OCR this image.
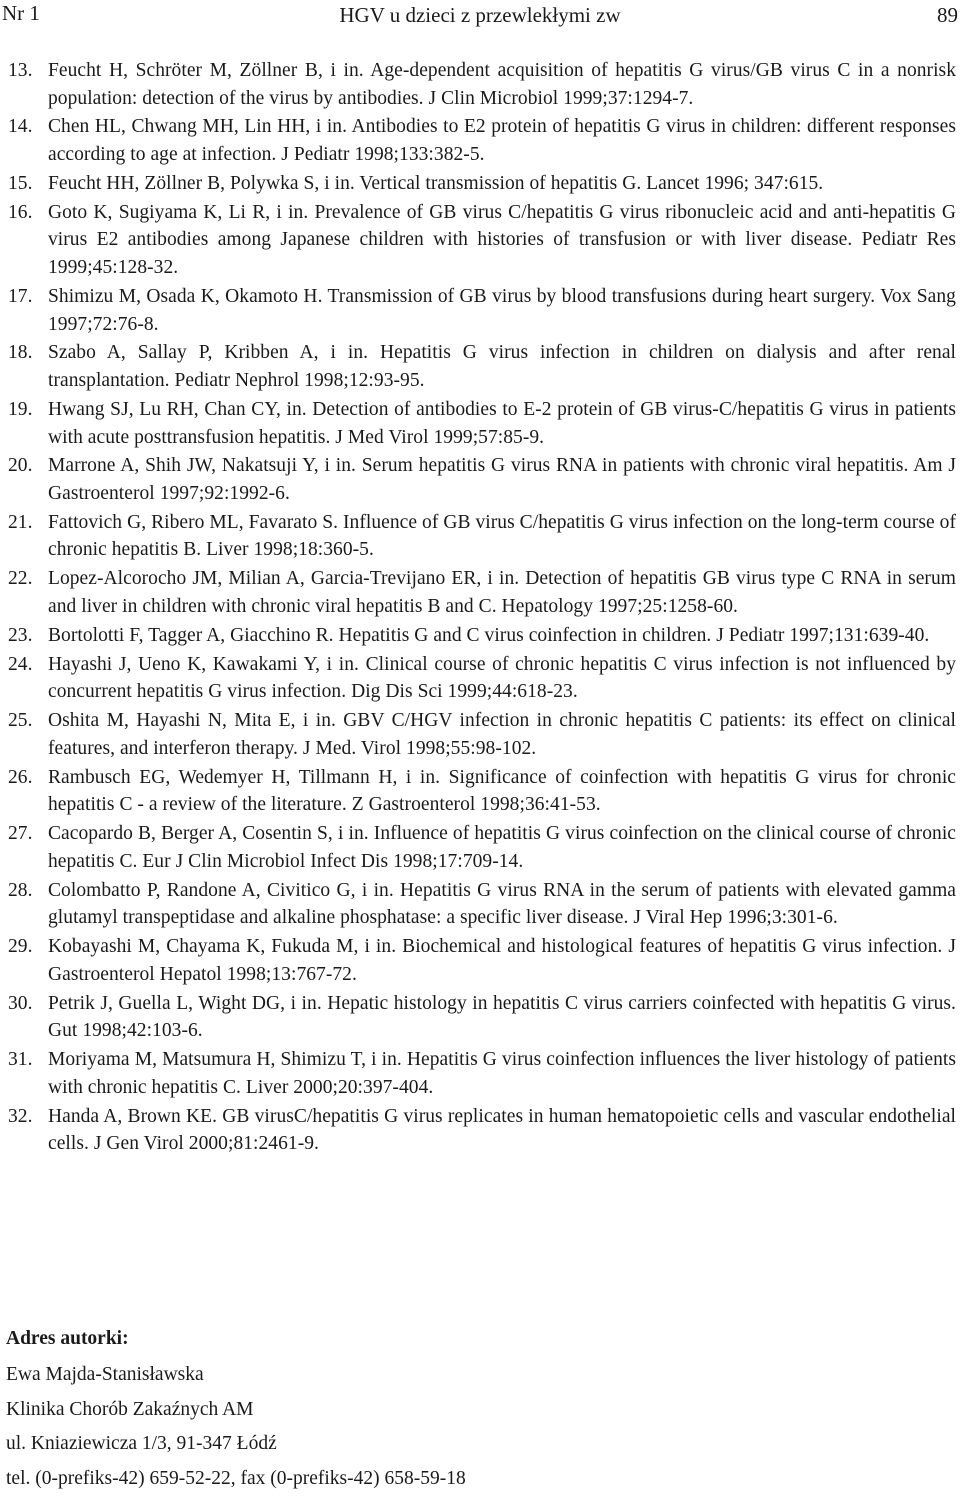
Nr 1	HGV u dzieci z przewlekłymi zw	89
13. Feucht H, Schröter M, Zöllner B, i in. Age-dependent acquisition of hepatitis G virus/GB virus C in a nonrisk population: detection of the virus by antibodies. J Clin Microbiol 1999;37:1294-7.
14. Chen HL, Chwang MH, Lin HH, i in. Antibodies to E2 protein of hepatitis G virus in children: different responses according to age at infection. J Pediatr 1998;133:382-5.
15. Feucht HH, Zöllner B, Polywka S, i in. Vertical transmission of hepatitis G. Lancet 1996; 347:615.
16. Goto K, Sugiyama K, Li R, i in. Prevalence of GB virus C/hepatitis G virus ribonucleic acid and anti-hepatitis G virus E2 antibodies among Japanese children with histories of transfusion or with liver disease. Pediatr Res 1999;45:128-32.
17. Shimizu M, Osada K, Okamoto H. Transmission of GB virus by blood transfusions during heart surgery. Vox Sang 1997;72:76-8.
18. Szabo A, Sallay P, Kribben A, i in. Hepatitis G virus infection in children on dialysis and after renal transplantation. Pediatr Nephrol 1998;12:93-95.
19. Hwang SJ, Lu RH, Chan CY, in. Detection of antibodies to E-2 protein of GB virus-C/hepatitis G virus in patients with acute posttransfusion hepatitis. J Med Virol 1999;57:85-9.
20. Marrone A, Shih JW, Nakatsuji Y, i in. Serum hepatitis G virus RNA in patients with chronic viral hepatitis. Am J Gastroenterol 1997;92:1992-6.
21. Fattovich G, Ribero ML, Favarato S. Influence of GB virus C/hepatitis G virus infection on the long-term course of chronic hepatitis B. Liver 1998;18:360-5.
22. Lopez-Alcorocho JM, Milian A, Garcia-Trevijano ER, i in. Detection of hepatitis GB virus type C RNA in serum and liver in children with chronic viral hepatitis B and C. Hepatology 1997;25:1258-60.
23. Bortolotti F, Tagger A, Giacchino R. Hepatitis G and C virus coinfection in children. J Pediatr 1997;131:639-40.
24. Hayashi J, Ueno K, Kawakami Y, i in. Clinical course of chronic hepatitis C virus infection is not influenced by concurrent hepatitis G virus infection. Dig Dis Sci 1999;44:618-23.
25. Oshita M, Hayashi N, Mita E, i in. GBV C/HGV infection in chronic hepatitis C patients: its effect on clinical features, and interferon therapy. J Med. Virol 1998;55:98-102.
26. Rambusch EG, Wedemyer H, Tillmann H, i in. Significance of coinfection with hepatitis G virus for chronic hepatitis C - a review of the literature. Z Gastroenterol 1998;36:41-53.
27. Cacopardo B, Berger A, Cosentin S, i in. Influence of hepatitis G virus coinfection on the clinical course of chronic hepatitis C. Eur J Clin Microbiol Infect Dis 1998;17:709-14.
28. Colombatto P, Randone A, Civitico G, i in. Hepatitis G virus RNA in the serum of patients with elevated gamma glutamyl transpeptidase and alkaline phosphatase: a specific liver disease. J Viral Hep 1996;3:301-6.
29. Kobayashi M, Chayama K, Fukuda M, i in. Biochemical and histological features of hepatitis G virus infection. J Gastroenterol Hepatol 1998;13:767-72.
30. Petrik J, Guella L, Wight DG, i in. Hepatic histology in hepatitis C virus carriers coinfected with hepatitis G virus. Gut 1998;42:103-6.
31. Moriyama M, Matsumura H, Shimizu T, i in. Hepatitis G virus coinfection influences the liver histology of patients with chronic hepatitis C. Liver 2000;20:397-404.
32. Handa A, Brown KE. GB virusC/hepatitis G virus replicates in human hematopoietic cells and vascular endothelial cells. J Gen Virol 2000;81:2461-9.
Adres autorki:
Ewa Majda-Stanisławska
Klinika Chorób Zakaźnych AM
ul. Kniaziewicza 1/3, 91-347 Łódź
tel. (0-prefiks-42) 659-52-22, fax (0-prefiks-42) 658-59-18
